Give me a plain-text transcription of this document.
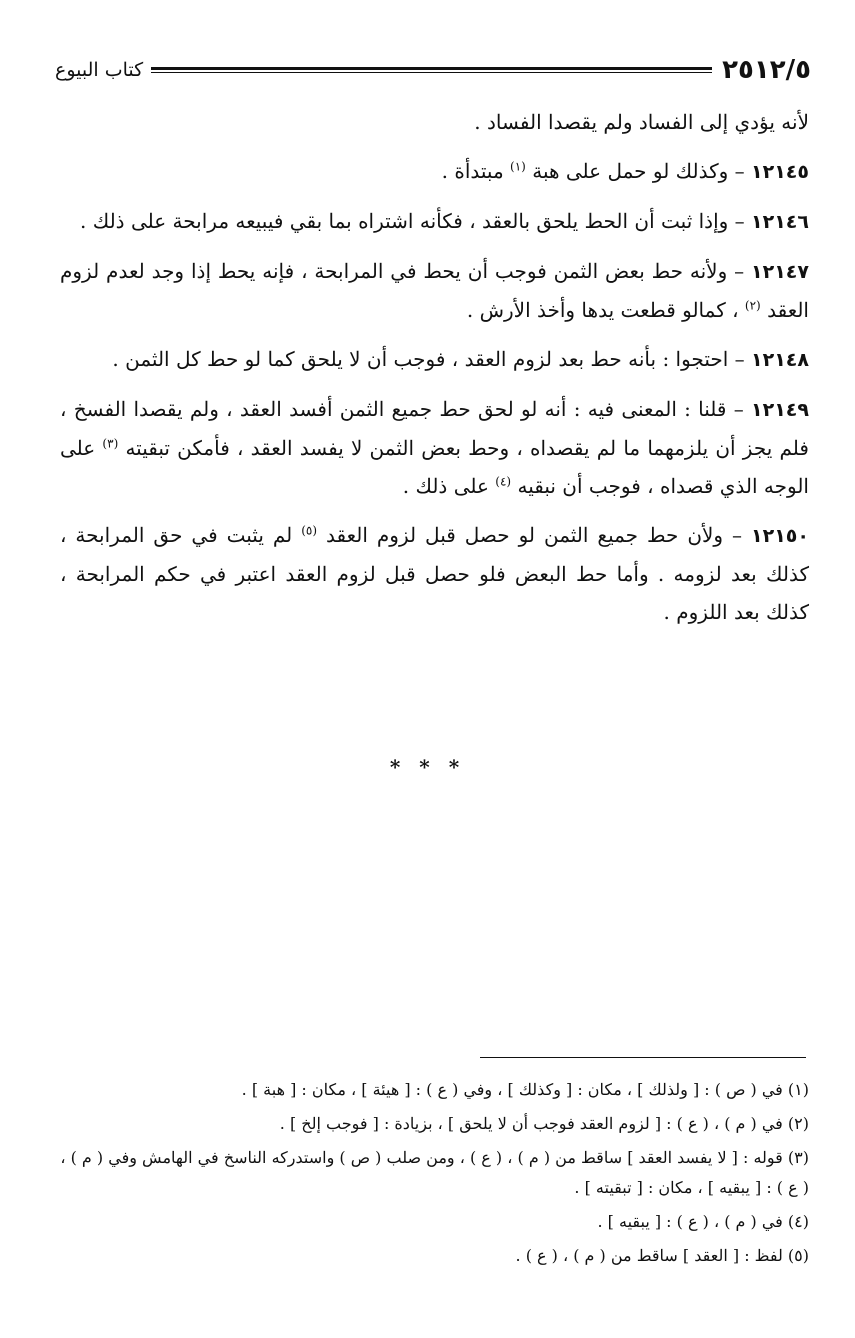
٢٥١٢/٥
كتاب البيوع

لأنه يؤدي إلى الفساد ولم يقصدا الفساد .

١٢١٤٥ – وكذلك لو حمل على هبة $^{(١)}$ مبتدأة .

١٢١٤٦ – وإذا ثبت أن الحط يلحق بالعقد ، فكأنه اشتراه بما بقي فيبيعه مرابحة على ذلك .

١٢١٤٧ – ولأنه حط بعض الثمن فوجب أن يحط في المرابحة ، فإنه يحط إذا وجد لعدم لزوم العقد $^{(٢)}$ ، كمالو قطعت يدها وأخذ الأرش .

١٢١٤٨ – احتجوا : بأنه حط بعد لزوم العقد ، فوجب أن لا يلحق كما لو حط كل الثمن .

١٢١٤٩ – قلنا : المعنى فيه : أنه لو لحق حط جميع الثمن أفسد العقد ، ولم يقصدا الفسخ ، فلم يجز أن يلزمهما ما لم يقصداه ، وحط بعض الثمن لا يفسد العقد ، فأمكن تبقيته $^{(٣)}$ على الوجه الذي قصداه ، فوجب أن نبقيه $^{(٤)}$ على ذلك .

١٢١٥٠ – ولأن حط جميع الثمن لو حصل قبل لزوم العقد $^{(٥)}$ لم يثبت في حق المرابحة ، كذلك بعد لزومه . وأما حط البعض فلو حصل قبل لزوم العقد اعتبر في حكم المرابحة ، كذلك بعد اللزوم .

* * *

(١) في ( ص ) : [ ولذلك ] ، مكان : [ وكذلك ] ، وفي ( ع ) : [ هيئة ] ، مكان : [ هبة ] .

(٢) في ( م ) ، ( ع ) : [ لزوم العقد فوجب أن لا يلحق ] ، بزيادة : [ فوجب إلخ ] .

(٣) قوله : [ لا يفسد العقد ] ساقط من ( م ) ، ( ع ) ، ومن صلب ( ص ) واستدركه الناسخ في الهامش وفي ( م ) ، ( ع ) : [ يبقيه ] ، مكان : [ تبقيته ] .

(٤) في ( م ) ، ( ع ) : [ يبقيه ] .

(٥) لفظ : [ العقد ] ساقط من ( م ) ، ( ع ) .
